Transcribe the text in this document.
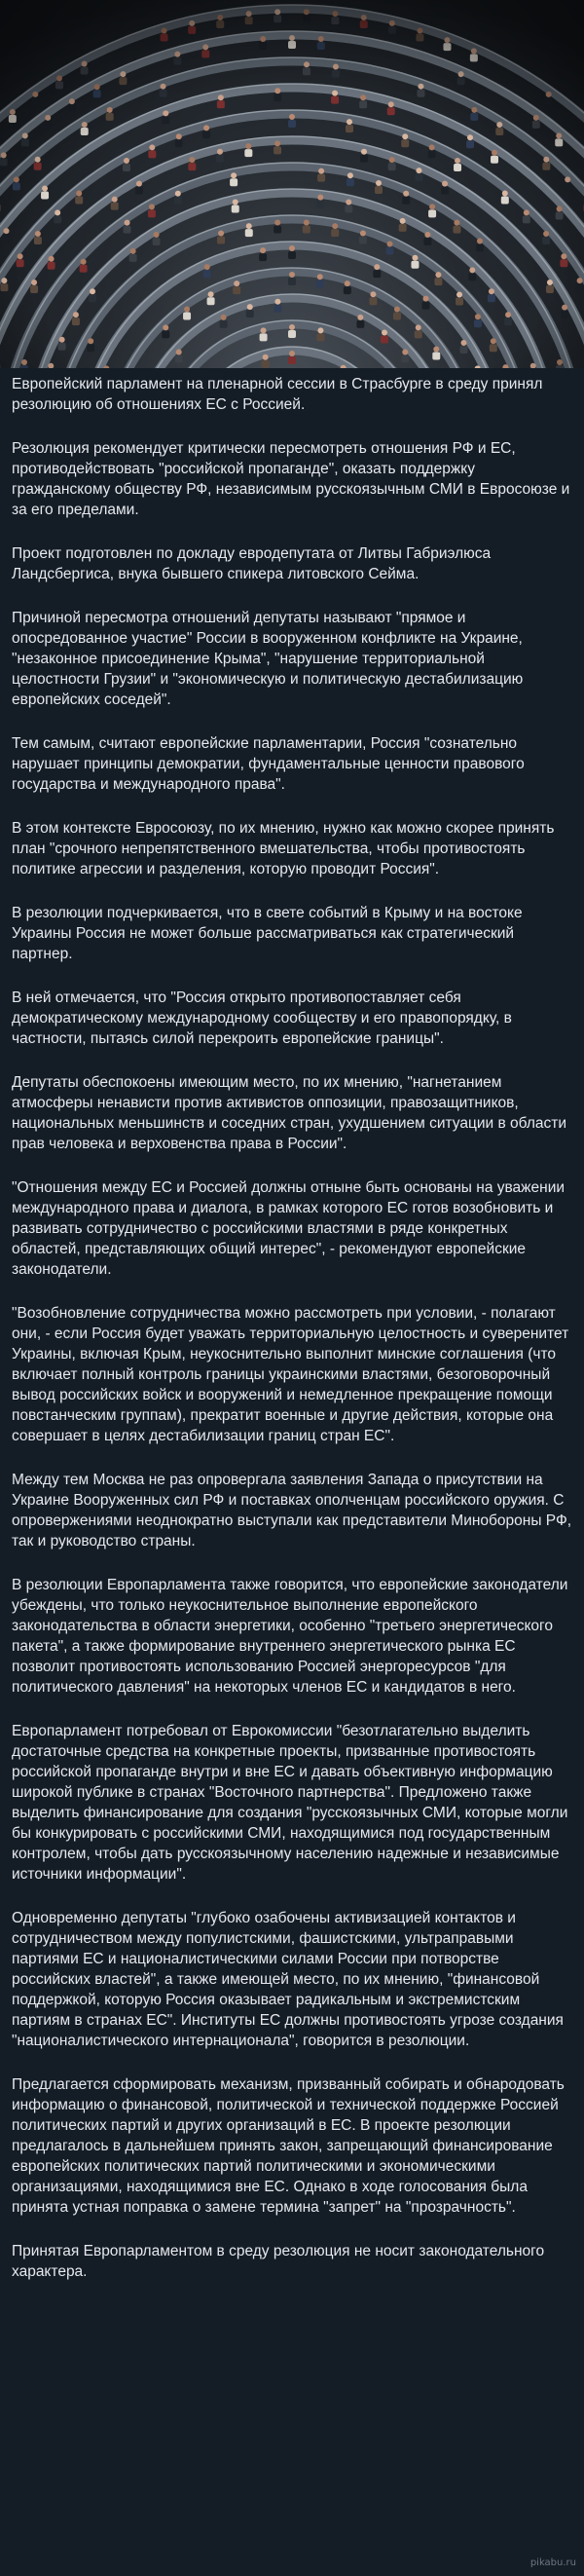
Европейский парламент на пленарной сессии в Страсбурге в среду принял резолюцию об отношениях ЕС с Россией.

Резолюция рекомендует критически пересмотреть отношения РФ и ЕС, противодействовать "российской пропаганде", оказать поддержку гражданскому обществу РФ, независимым русскоязычным СМИ в Евросоюзе и за его пределами.

Проект подготовлен по докладу евродепутата от Литвы Габриэлюса Ландсбергиса, внука бывшего спикера литовского Сейма.

Причиной пересмотра отношений депутаты называют "прямое и опосредованное участие" России в вооруженном конфликте на Украине, "незаконное присоединение Крыма", "нарушение территориальной целостности Грузии" и "экономическую и политическую дестабилизацию европейских соседей".

Тем самым, считают европейские парламентарии, Россия "сознательно нарушает принципы демократии, фундаментальные ценности правового государства и международного права".

В этом контексте Евросоюзу, по их мнению, нужно как можно скорее принять план "срочного непрепятственного вмешательства, чтобы противостоять политике агрессии и разделения, которую проводит Россия".

В резолюции подчеркивается, что в свете событий в Крыму и на востоке Украины Россия не может больше рассматриваться как стратегический партнер.

В ней отмечается, что "Россия открыто противопоставляет себя демократическому международному сообществу и его правопорядку, в частности, пытаясь силой перекроить европейские границы".

Депутаты обеспокоены имеющим место, по их мнению, "нагнетанием атмосферы ненависти против активистов оппозиции, правозащитников, национальных меньшинств и соседних стран, ухудшением ситуации в области прав человека и верховенства права в России".

"Отношения между ЕС и Россией должны отныне быть основаны на уважении международного права и диалога, в рамках которого ЕС готов возобновить и развивать сотрудничество с российскими властями в ряде конкретных областей, представляющих общий интерес", - рекомендуют европейские законодатели.

"Возобновление сотрудничества можно рассмотреть при условии, - полагают они, - если Россия будет уважать территориальную целостность и суверенитет Украины, включая Крым, неукоснительно выполнит минские соглашения (что включает полный контроль границы украинскими властями, безоговорочный вывод российских войск и вооружений и немедленное прекращение помощи повстанческим группам), прекратит военные и другие действия, которые она совершает в целях дестабилизации границ стран ЕС".

Между тем Москва не раз опровергала заявления Запада о присутствии на Украине Вооруженных сил РФ и поставках ополченцам российского оружия. С опровержениями неоднократно выступали как представители Минобороны РФ, так и руководство страны.

В резолюции Европарламента также говорится, что европейские законодатели убеждены, что только неукоснительное выполнение европейского законодательства в области энергетики, особенно "третьего энергетического пакета", а также формирование внутреннего энергетического рынка ЕС позволит противостоять использованию Россией энергоресурсов "для политического давления" на некоторых членов ЕС и кандидатов в него.

Европарламент потребовал от Еврокомиссии "безотлагательно выделить достаточные средства на конкретные проекты, призванные противостоять российской пропаганде внутри и вне ЕС и давать объективную информацию широкой публике в странах "Восточного партнерства". Предложено также выделить финансирование для создания "русскоязычных СМИ, которые могли бы конкурировать с российскими СМИ, находящимися под государственным контролем, чтобы дать русскоязычному населению надежные и независимые источники информации".

Одновременно депутаты "глубоко озабочены активизацией контактов и сотрудничеством между популистскими, фашистскими, ультраправыми партиями ЕС и националистическими силами России при потворстве российских властей", а также имеющей место, по их мнению, "финансовой поддержкой, которую Россия оказывает радикальным и экстремистским партиям в странах ЕС". Институты ЕС должны противостоять угрозе создания "националистического интернационала", говорится в резолюции.

Предлагается сформировать механизм, призванный собирать и обнародовать информацию о финансовой, политической и технической поддержке Россией политических партий и других организаций в ЕС. В проекте резолюции предлагалось в дальнейшем принять закон, запрещающий финансирование европейских политических партий политическими и экономическими организациями, находящимися вне ЕС. Однако в ходе голосования была принята устная поправка о замене термина "запрет" на "прозрачность".

Принятая Европарламентом в среду резолюция не носит законодательного характера.

pikabu.ru
